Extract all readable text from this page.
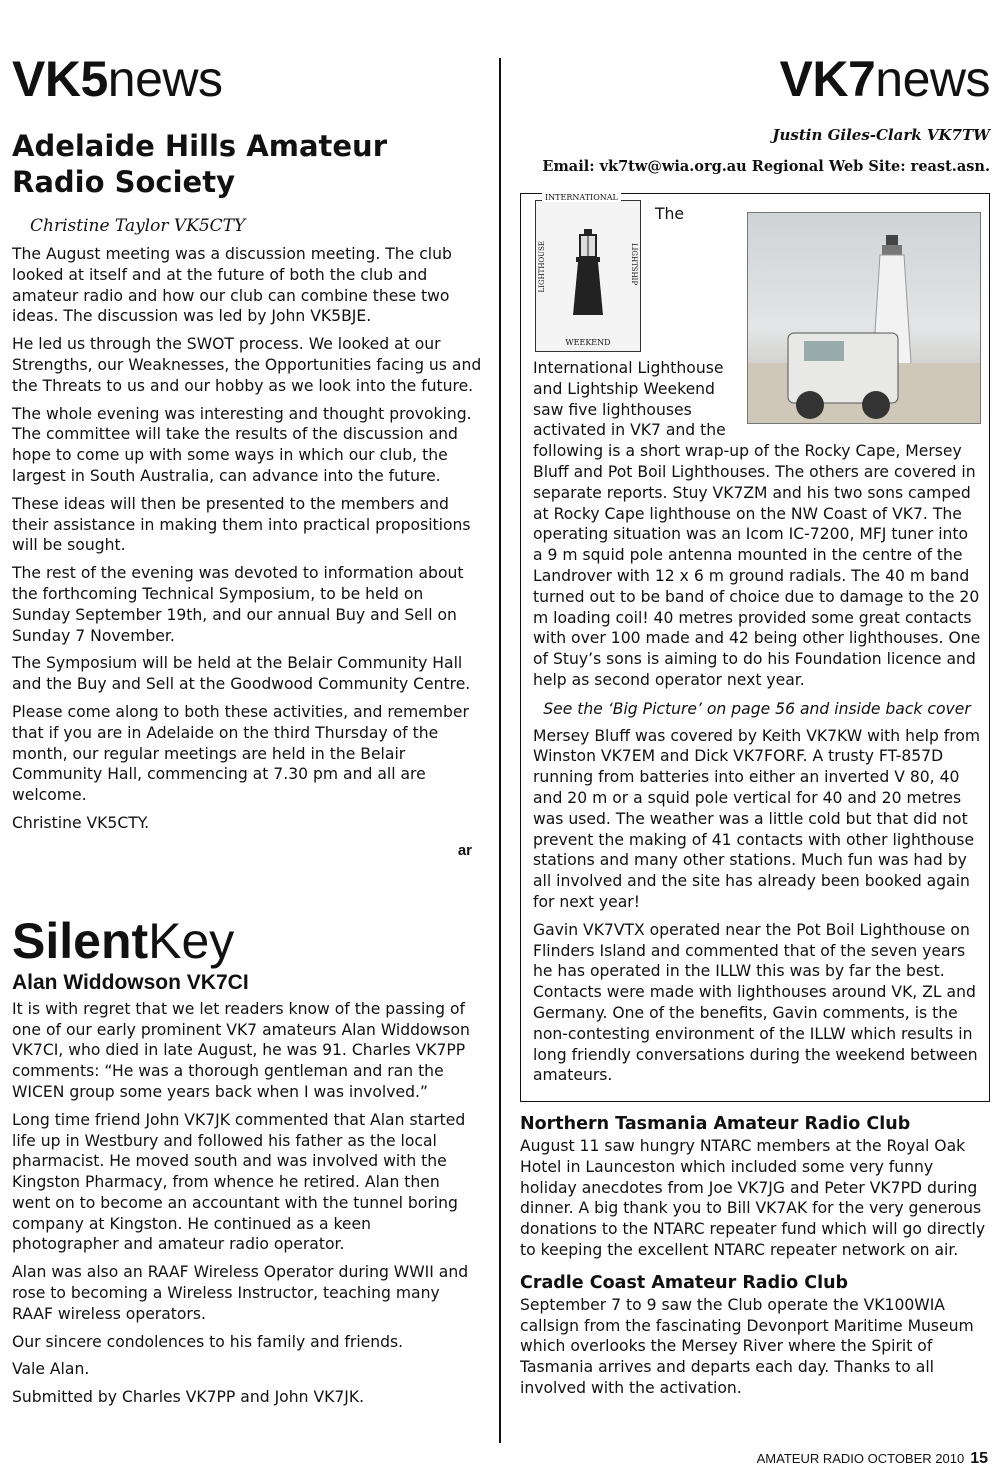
VK5news
Adelaide Hills Amateur Radio Society
Christine Taylor VK5CTY
The August meeting was a discussion meeting. The club looked at itself and at the future of both the club and amateur radio and how our club can combine these two ideas. The discussion was led by John VK5BJE.
He led us through the SWOT process. We looked at our Strengths, our Weaknesses, the Opportunities facing us and the Threats to us and our hobby as we look into the future.
The whole evening was interesting and thought provoking. The committee will take the results of the discussion and hope to come up with some ways in which our club, the largest in South Australia, can advance into the future.
These ideas will then be presented to the members and their assistance in making them into practical propositions will be sought.
The rest of the evening was devoted to information about the forthcoming Technical Symposium, to be held on Sunday September 19th, and our annual Buy and Sell on Sunday 7 November.
The Symposium will be held at the Belair Community Hall and the Buy and Sell at the Goodwood Community Centre.
Please come along to both these activities, and remember that if you are in Adelaide on the third Thursday of the month, our regular meetings are held in the Belair Community Hall, commencing at 7.30 pm and all are welcome.
Christine VK5CTY.
ar
SilentKey
Alan Widdowson VK7CI
It is with regret that we let readers know of the passing of one of our early prominent VK7 amateurs Alan Widdowson VK7CI, who died in late August, he was 91. Charles VK7PP comments: “He was a thorough gentleman and ran the WICEN group some years back when I was involved.”
Long time friend John VK7JK commented that Alan started life up in Westbury and followed his father as the local pharmacist. He moved south and was involved with the Kingston Pharmacy, from whence he retired. Alan then went on to become an accountant with the tunnel boring company at Kingston. He continued as a keen photographer and amateur radio operator.
Alan was also an RAAF Wireless Operator during WWII and rose to becoming a Wireless Instructor, teaching many RAAF wireless operators.
Our sincere condolences to his family and friends.
Vale Alan.
Submitted by Charles VK7PP and John VK7JK.
VK7news
Justin Giles-Clark VK7TW
Email: vk7tw@wia.org.au Regional Web Site: reast.asn.
INTERNATIONAL
LIGHTHOUSE	LIGHTSHIP
WEEKEND
The International Lighthouse and Lightship Weekend saw five lighthouses activated in VK7 and the following is a short wrap-up of the Rocky Cape, Mersey Bluff and Pot Boil Lighthouses. The others are covered in separate reports. Stuy VK7ZM and his two sons camped at Rocky Cape lighthouse on the NW Coast of VK7. The operating situation was an Icom IC-7200, MFJ tuner into a 9 m squid pole antenna mounted in the centre of the Landrover with 12 x 6 m ground radials. The 40 m band turned out to be band of choice due to damage to the 20 m loading coil! 40 metres provided some great contacts with over 100 made and 42 being other lighthouses. One of Stuy’s sons is aiming to do his Foundation licence and help as second operator next year.
See the ‘Big Picture’ on page 56 and inside back cover
Mersey Bluff was covered by Keith VK7KW with help from Winston VK7EM and Dick VK7FORF. A trusty FT-857D running from batteries into either an inverted V 80, 40 and 20 m or a squid pole vertical for 40 and 20 metres was used. The weather was a little cold but that did not prevent the making of 41 contacts with other lighthouse stations and many other stations. Much fun was had by all involved and the site has already been booked again for next year!
Gavin VK7VTX operated near the Pot Boil Lighthouse on Flinders Island and commented that of the seven years he has operated in the ILLW this was by far the best. Contacts were made with lighthouses around VK, ZL and Germany. One of the benefits, Gavin comments, is the non-contesting environment of the ILLW which results in long friendly conversations during the weekend between amateurs.
Northern Tasmania Amateur Radio Club
August 11 saw hungry NTARC members at the Royal Oak Hotel in Launceston which included some very funny holiday anecdotes from Joe VK7JG and Peter VK7PD during dinner. A big thank you to Bill VK7AK for the very generous donations to the NTARC repeater fund which will go directly to keeping the excellent NTARC repeater network on air.
Cradle Coast Amateur Radio Club
September 7 to 9 saw the Club operate the VK100WIA callsign from the fascinating Devonport Maritime Museum which overlooks the Mersey River where the Spirit of Tasmania arrives and departs each day. Thanks to all involved with the activation.
AMATEUR RADIO OCTOBER 2010 15
